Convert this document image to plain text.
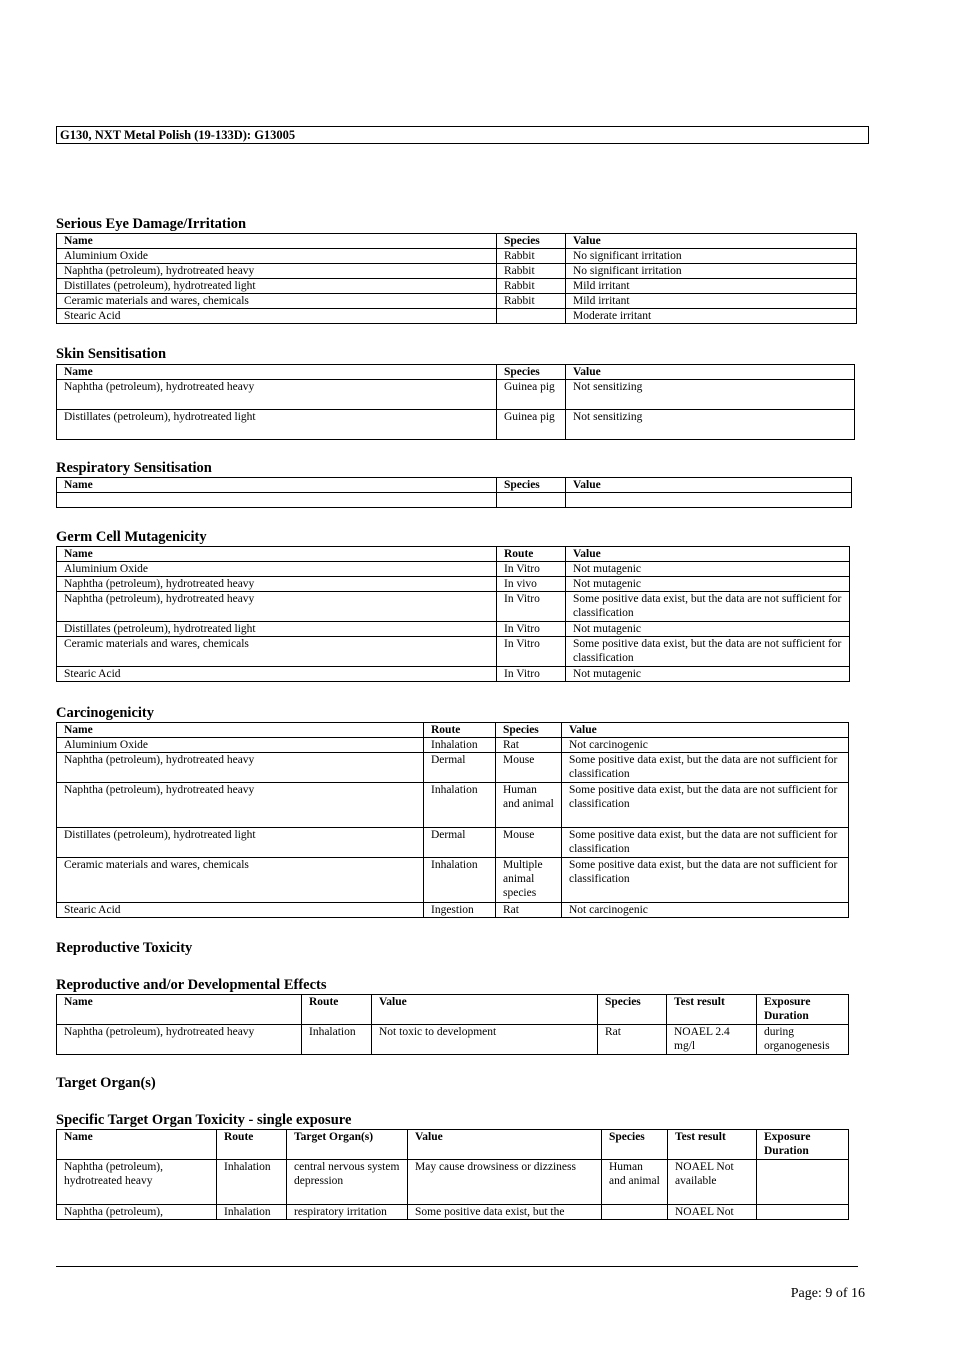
G130, NXT Metal Polish (19-133D): G13005
Serious Eye Damage/Irritation
Name	Species	Value
Aluminium Oxide	Rabbit	No significant irritation
Naphtha (petroleum), hydrotreated heavy	Rabbit	No significant irritation
Distillates (petroleum), hydrotreated light	Rabbit	Mild irritant
Ceramic materials and wares, chemicals	Rabbit	Mild irritant
Stearic Acid		Moderate irritant
Skin Sensitisation
Name	Species	Value
Naphtha (petroleum), hydrotreated heavy	Guinea pig	Not sensitizing
Distillates (petroleum), hydrotreated light	Guinea pig	Not sensitizing
Respiratory Sensitisation
Name	Species	Value

Germ Cell Mutagenicity
Name	Route	Value
Aluminium Oxide	In Vitro	Not mutagenic
Naphtha (petroleum), hydrotreated heavy	In vivo	Not mutagenic
Naphtha (petroleum), hydrotreated heavy	In Vitro	Some positive data exist, but the data are not sufficient for classification
Distillates (petroleum), hydrotreated light	In Vitro	Not mutagenic
Ceramic materials and wares, chemicals	In Vitro	Some positive data exist, but the data are not sufficient for classification
Stearic Acid	In Vitro	Not mutagenic
Carcinogenicity
Name	Route	Species	Value
Aluminium Oxide	Inhalation	Rat	Not carcinogenic
Naphtha (petroleum), hydrotreated heavy	Dermal	Mouse	Some positive data exist, but the data are not sufficient for classification
Naphtha (petroleum), hydrotreated heavy	Inhalation	Human and animal	Some positive data exist, but the data are not sufficient for classification
Distillates (petroleum), hydrotreated light	Dermal	Mouse	Some positive data exist, but the data are not sufficient for classification
Ceramic materials and wares, chemicals	Inhalation	Multiple animal species	Some positive data exist, but the data are not sufficient for classification
Stearic Acid	Ingestion	Rat	Not carcinogenic
Reproductive Toxicity
Reproductive and/or Developmental Effects
Name	Route	Value	Species	Test result	Exposure Duration
Naphtha (petroleum), hydrotreated heavy	Inhalation	Not toxic to development	Rat	NOAEL 2.4 mg/l	during organogenesis
Target Organ(s)
Specific Target Organ Toxicity - single exposure
Name	Route	Target Organ(s)	Value	Species	Test result	Exposure Duration
Naphtha (petroleum), hydrotreated heavy	Inhalation	central nervous system depression	May cause drowsiness or dizziness	Human and animal	NOAEL Not available	
Naphtha (petroleum),	Inhalation	respiratory irritation	Some positive data exist, but the		NOAEL Not	
Page: 9 of 16
